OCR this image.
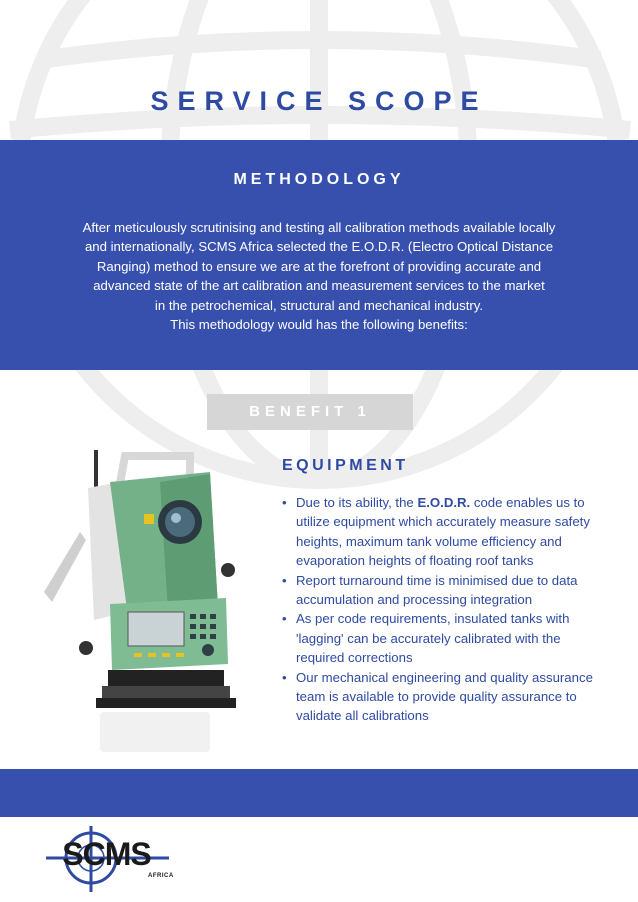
SERVICE SCOPE
METHODOLOGY
After meticulously scrutinising and testing all calibration methods available locally
and internationally, SCMS Africa selected the E.O.D.R. (Electro Optical Distance
Ranging) method to ensure we are at the forefront of providing accurate and
advanced state of the art calibration and measurement services to the market
in the petrochemical, structural and mechanical industry.
This methodology would has the following benefits:
BENEFIT 1
EQUIPMENT
• Due to its ability, the E.O.D.R. code enables us to utilize equipment which accurately measure safety heights, maximum tank volume efficiency and evaporation heights of floating roof tanks
• Report turnaround time is minimised due to data accumulation and processing integration
• As per code requirements, insulated tanks with 'lagging' can be accurately calibrated with the required corrections
• Our mechanical engineering and quality assurance team is available to provide quality assurance to validate all calibrations
SCMS
AFRICA
